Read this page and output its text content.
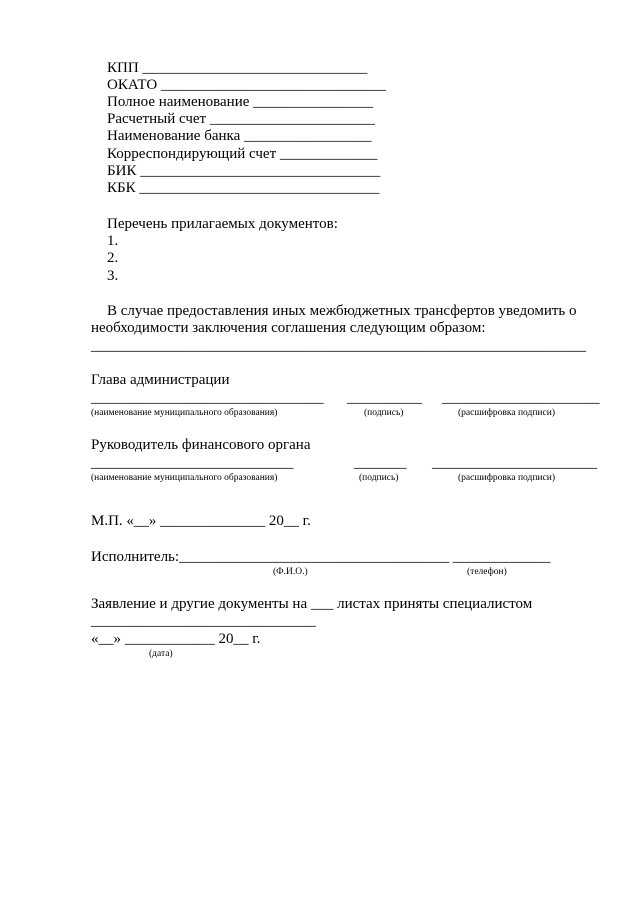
КПП ______________________________
ОКАТО ______________________________
Полное наименование ________________
Расчетный счет ______________________
Наименование банка _________________
Корреспондирующий счет _____________
БИК ________________________________
КБК ________________________________
Перечень прилагаемых документов:
1.
2.
3.
В случае предоставления иных межбюджетных трансфертов уведомить о
необходимости заключения соглашения следующим образом:
__________________________________________________________________
Глава администрации
_______________________________ __________ _____________________
(наименование муниципального образования)	(подпись)	(расшифровка подписи)
Руководитель финансового органа
___________________________	_______ ______________________
(наименование муниципального образования)	(подпись)	(расшифровка подписи)
М.П. «__» ______________ 20__ г.
Исполнитель:____________________________________ _____________
(Ф.И.О.)	(телефон)
Заявление и другие документы на ___ листах приняты специалистом
______________________________
«__» ____________ 20__ г.
(дата)
